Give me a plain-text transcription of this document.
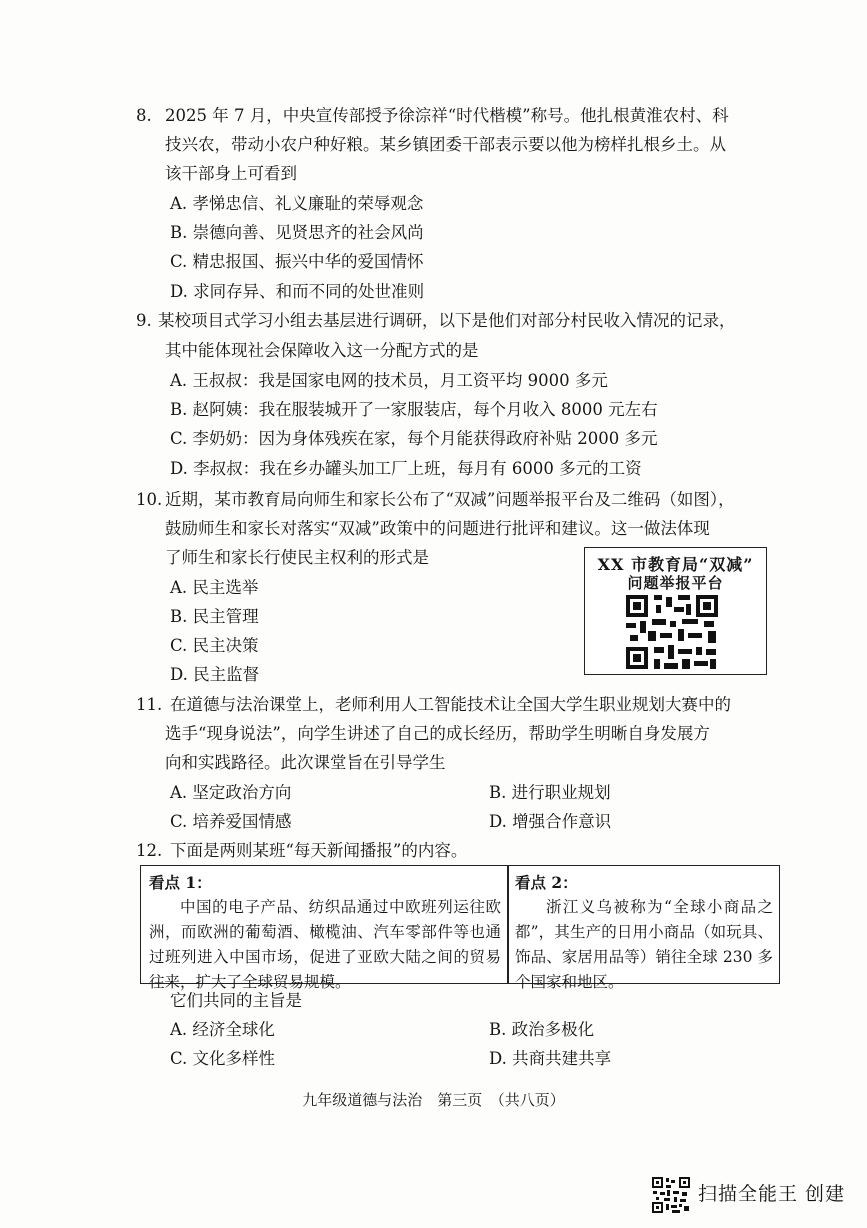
8. 2025 年 7 月，中央宣传部授予徐淙祥“时代楷模”称号。他扎根黄淮农村、科
技兴农，带动小农户种好粮。某乡镇团委干部表示要以他为榜样扎根乡土。从
该干部身上可看到
A. 孝悌忠信、礼义廉耻的荣辱观念
B. 崇德向善、见贤思齐的社会风尚
C. 精忠报国、振兴中华的爱国情怀
D. 求同存异、和而不同的处世准则
9. 某校项目式学习小组去基层进行调研，以下是他们对部分村民收入情况的记录，
其中能体现社会保障收入这一分配方式的是
A. 王叔叔：我是国家电网的技术员，月工资平均 9000 多元
B. 赵阿姨：我在服装城开了一家服装店，每个月收入 8000 元左右
C. 李奶奶：因为身体残疾在家，每个月能获得政府补贴 2000 多元
D. 李叔叔：我在乡办罐头加工厂上班，每月有 6000 多元的工资
10. 近期，某市教育局向师生和家长公布了“双减”问题举报平台及二维码（如图），
鼓励师生和家长对落实“双减”政策中的问题进行批评和建议。这一做法体现
了师生和家长行使民主权利的形式是
A. 民主选举
B. 民主管理
C. 民主决策
D. 民主监督
XX 市教育局“双减”
问题举报平台
11. 在道德与法治课堂上，老师利用人工智能技术让全国大学生职业规划大赛中的
选手“现身说法”，向学生讲述了自己的成长经历，帮助学生明晰自身发展方
向和实践路径。此次课堂旨在引导学生
A. 坚定政治方向	B. 进行职业规划
C. 培养爱国情感	D. 增强合作意识
12. 下面是两则某班“每天新闻播报”的内容。
看点 1：
中国的电子产品、纺织品通过中欧班列运往欧洲，而欧洲的葡萄酒、橄榄油、汽车零部件等也通过班列进入中国市场，促进了亚欧大陆之间的贸易往来，扩大了全球贸易规模。
看点 2：
浙江义乌被称为“全球小商品之都”，其生产的日用小商品（如玩具、饰品、家居用品等）销往全球 230 多个国家和地区。
它们共同的主旨是
A. 经济全球化	B. 政治多极化
C. 文化多样性	D. 共商共建共享
九年级道德与法治　第三页　（共八页）
扫描全能王 创建
